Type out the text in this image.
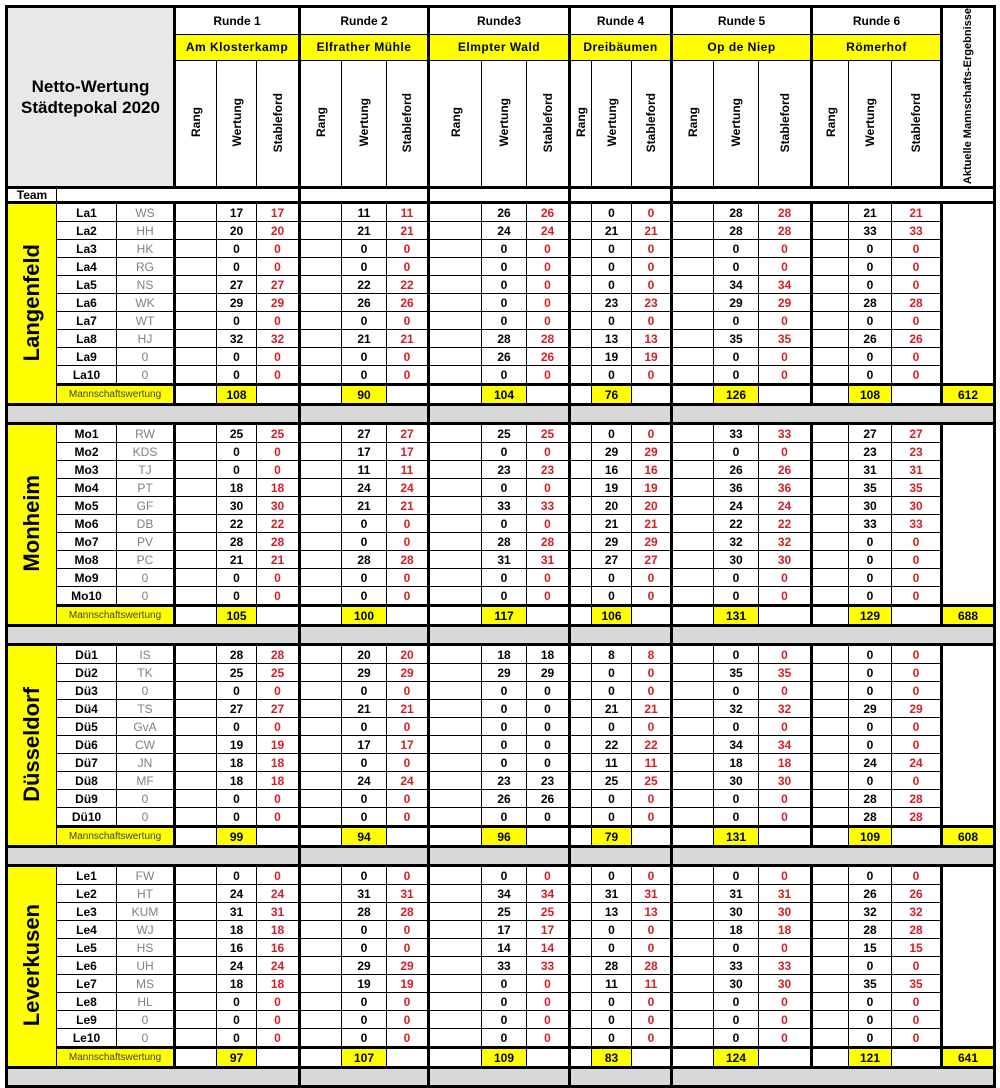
Netto-Wertung Städtepokal 2020			Runde 1			Runde 2			Runde3			Runde 4			Runde 5			Runde 6			Aktuelle Mannschafts-Ergebnisse
			Am Klosterkamp			Elfrather Mühle			Elmpter Wald			Dreibäumen			Op de Niep			Römerhof			
			Rang	Wertung	Stableford	Rang	Wertung	Stableford	Rang	Wertung	Stableford	Rang	Wertung	Stableford	Rang	Wertung	Stableford	Rang	Wertung	Stableford	
Team																					
Langenfeld	La1	WS		17	17		11	11		26	26		0	0		28	28		21	21	
	La2	HH		20	20		21	21		24	24		21	21		28	28		33	33	
	La3	HK		0	0		0	0		0	0		0	0		0	0		0	0	
	La4	RG		0	0		0	0		0	0		0	0		0	0		0	0	
	La5	NS		27	27		22	22		0	0		0	0		34	34		0	0	
	La6	WK		29	29		26	26		0	0		23	23		29	29		28	28	
	La7	WT		0	0		0	0		0	0		0	0		0	0		0	0	
	La8	HJ		32	32		21	21		28	28		13	13		35	35		26	26	
	La9	0		0	0		0	0		26	26		19	19		0	0		0	0	
	La10	0		0	0		0	0		0	0		0	0		0	0		0	0	
	Mannschaftswertung			108			90			104			76			126			108		612

Monheim	Mo1	RW		25	25		27	27		25	25		0	0		33	33		27	27	
	Mo2	KDS		0	0		17	17		0	0		29	29		0	0		23	23	
	Mo3	TJ		0	0		11	11		23	23		16	16		26	26		31	31	
	Mo4	PT		18	18		24	24		0	0		19	19		36	36		35	35	
	Mo5	GF		30	30		21	21		33	33		20	20		24	24		30	30	
	Mo6	DB		22	22		0	0		0	0		21	21		22	22		33	33	
	Mo7	PV		28	28		0	0		28	28		29	29		32	32		0	0	
	Mo8	PC		21	21		28	28		31	31		27	27		30	30		0	0	
	Mo9	0		0	0		0	0		0	0		0	0		0	0		0	0	
	Mo10	0		0	0		0	0		0	0		0	0		0	0		0	0	
	Mannschaftswertung			105			100			117			106			131			129		688

Düsseldorf	Dü1	IS		28	28		20	20		18	18		8	8		0	0		0	0	
	Dü2	TK		25	25		29	29		29	29		0	0		35	35		0	0	
	Dü3	0		0	0		0	0		0	0		0	0		0	0		0	0	
	Dü4	TS		27	27		21	21		0	0		21	21		32	32		29	29	
	Dü5	GvA		0	0		0	0		0	0		0	0		0	0		0	0	
	Dü6	CW		19	19		17	17		0	0		22	22		34	34		0	0	
	Dü7	JN		18	18		0	0		0	0		11	11		18	18		24	24	
	Dü8	MF		18	18		24	24		23	23		25	25		30	30		0	0	
	Dü9	0		0	0		0	0		26	26		0	0		0	0		28	28	
	Dü10	0		0	0		0	0		0	0		0	0		0	0		28	28	
	Mannschaftswertung			99			94			96			79			131			109		608

Leverkusen	Le1	FW		0	0		0	0		0	0		0	0		0	0		0	0	
	Le2	HT		24	24		31	31		34	34		31	31		31	31		26	26	
	Le3	KUM		31	31		28	28		25	25		13	13		30	30		32	32	
	Le4	WJ		18	18		0	0		17	17		0	0		18	18		28	28	
	Le5	HS		16	16		0	0		14	14		0	0		0	0		15	15	
	Le6	UH		24	24		29	29		33	33		28	28		33	33		0	0	
	Le7	MS		18	18		19	19		0	0		11	11		30	30		35	35	
	Le8	HL		0	0		0	0		0	0		0	0		0	0		0	0	
	Le9	0		0	0		0	0		0	0		0	0		0	0		0	0	
	Le10	0		0	0		0	0		0	0		0	0		0	0		0	0	
	Mannschaftswertung			97			107			109			83			124			121		641
